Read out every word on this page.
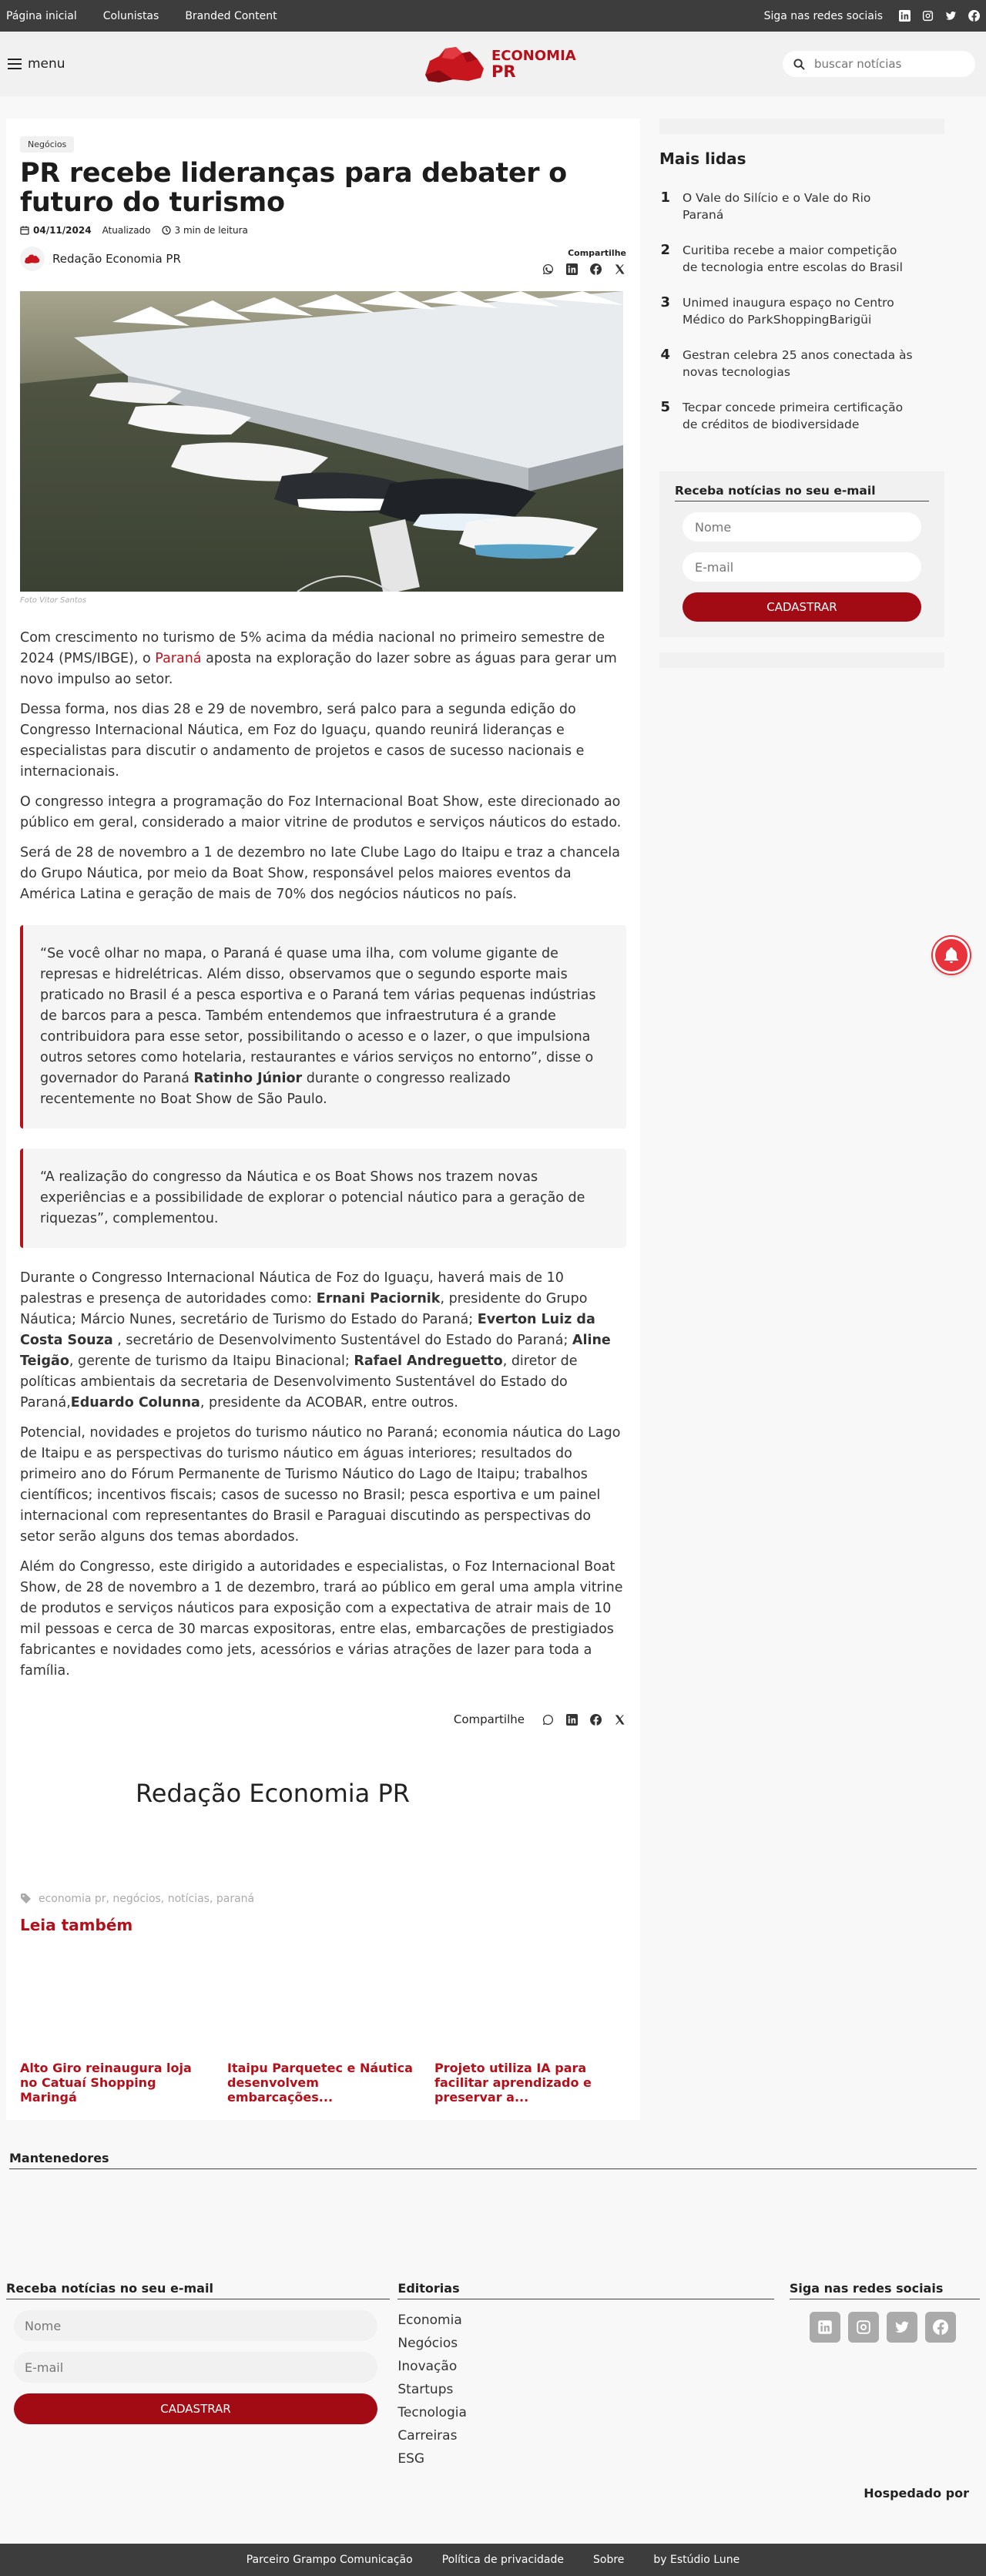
Página inicial Colunistas Branded Content	Siga nas redes sociais
menu	ECONOMIA
PR
buscar notícias
Negócios
PR recebe lideranças para debater o futuro do turismo
04/11/2024 Atualizado	3 min de leitura
Redação Economia PR	Compartilhe
Foto Vitor Santos

Com crescimento no turismo de 5% acima da média nacional no primeiro semestre de 2024 (PMS/IBGE), o Paraná aposta na exploração do lazer sobre as águas para gerar um novo impulso ao setor.

Dessa forma, nos dias 28 e 29 de novembro, será palco para a segunda edição do Congresso Internacional Náutica, em Foz do Iguaçu, quando reunirá lideranças e especialistas para discutir o andamento de projetos e casos de sucesso nacionais e internacionais.

O congresso integra a programação do Foz Internacional Boat Show, este direcionado ao público em geral, considerado a maior vitrine de produtos e serviços náuticos do estado.

Será de 28 de novembro a 1 de dezembro no Iate Clube Lago do Itaipu e traz a chancela do Grupo Náutica, por meio da Boat Show, responsável pelos maiores eventos da América Latina e geração de mais de 70% dos negócios náuticos no país.

“Se você olhar no mapa, o Paraná é quase uma ilha, com volume gigante de represas e hidrelétricas. Além disso, observamos que o segundo esporte mais praticado no Brasil é a pesca esportiva e o Paraná tem várias pequenas indústrias de barcos para a pesca. Também entendemos que infraestrutura é a grande contribuidora para esse setor, possibilitando o acesso e o lazer, o que impulsiona outros setores como hotelaria, restaurantes e vários serviços no entorno”, disse o governador do Paraná Ratinho Júnior durante o congresso realizado recentemente no Boat Show de São Paulo.
“A realização do congresso da Náutica e os Boat Shows nos trazem novas experiências e a possibilidade de explorar o potencial náutico para a geração de riquezas”, complementou.

Durante o Congresso Internacional Náutica de Foz do Iguaçu, haverá mais de 10 palestras e presença de autoridades como: Ernani Paciornik, presidente do Grupo Náutica; Márcio Nunes, secretário de Turismo do Estado do Paraná; Everton Luiz da Costa Souza , secretário de Desenvolvimento Sustentável do Estado do Paraná; Aline Teigão, gerente de turismo da Itaipu Binacional; Rafael Andreguetto, diretor de políticas ambientais da secretaria de Desenvolvimento Sustentável do Estado do Paraná,Eduardo Colunna, presidente da ACOBAR, entre outros.

Potencial, novidades e projetos do turismo náutico no Paraná; economia náutica do Lago de Itaipu e as perspectivas do turismo náutico em águas interiores; resultados do primeiro ano do Fórum Permanente de Turismo Náutico do Lago de Itaipu; trabalhos científicos; incentivos fiscais; casos de sucesso no Brasil; pesca esportiva e um painel internacional com representantes do Brasil e Paraguai discutindo as perspectivas do setor serão alguns dos temas abordados.

Além do Congresso, este dirigido a autoridades e especialistas, o Foz Internacional Boat Show, de 28 de novembro a 1 de dezembro, trará ao público em geral uma ampla vitrine de produtos e serviços náuticos para exposição com a expectativa de atrair mais de 10 mil pessoas e cerca de 30 marcas expositoras, entre elas, embarcações de prestigiados fabricantes e novidades como jets, acessórios e várias atrações de lazer para toda a família.

Compartilhe
Redação Economia PR
economia pr, negócios, notícias, paraná
Leia também
Alto Giro reinaugura loja no Catuaí Shopping Maringá
Itaipu Parquetec e Náutica desenvolvem embarcações...
Projeto utiliza IA para facilitar aprendizado e preservar a...
Mais lidas
1 O Vale do Silício e o Vale do Rio Paraná
2 Curitiba recebe a maior competição de tecnologia entre escolas do Brasil
3 Unimed inaugura espaço no Centro Médico do ParkShoppingBarigüi
4 Gestran celebra 25 anos conectada às novas tecnologias
5 Tecpar concede primeira certificação de créditos de biodiversidade
Receba notícias no seu e-mail
Nome
E-mail
CADASTRAR
Mantenedores
Receba notícias no seu e-mail
Nome
E-mail
CADASTRAR
Editorias
Economia
Negócios
Inovação
Startups
Tecnologia
Carreiras
ESG
Siga nas redes sociais
Hospedado por
Parceiro Grampo Comunicação	Política de privacidade	Sobre	by Estúdio Lune
